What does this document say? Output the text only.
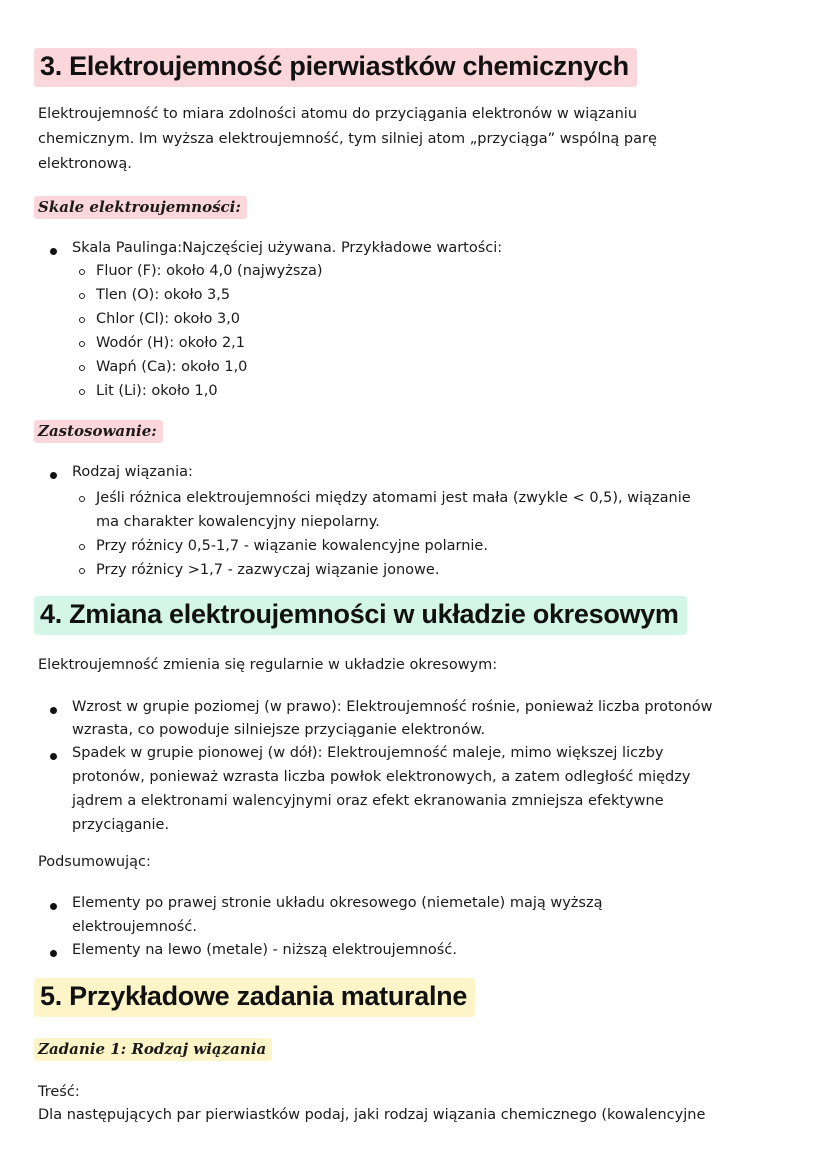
3. Elektroujemność pierwiastków chemicznych
Elektroujemność to miara zdolności atomu do przyciągania elektronów w wiązaniu
chemicznym. Im wyższa elektroujemność, tym silniej atom „przyciąga” wspólną parę
elektronową.
Skale elektroujemności:
Skala Paulinga:Najczęściej używana. Przykładowe wartości:
Fluor (F): około 4,0 (najwyższa)
Tlen (O): około 3,5
Chlor (Cl): około 3,0
Wodór (H): około 2,1
Wapń (Ca): około 1,0
Lit (Li): około 1,0
Zastosowanie:
Rodzaj wiązania:
Jeśli różnica elektroujemności między atomami jest mała (zwykle < 0,5), wiązanie
ma charakter kowalencyjny niepolarny.
Przy różnicy 0,5-1,7 - wiązanie kowalencyjne polarnie.
Przy różnicy >1,7 - zazwyczaj wiązanie jonowe.
4. Zmiana elektroujemności w układzie okresowym
Elektroujemność zmienia się regularnie w układzie okresowym:
Wzrost w grupie poziomej (w prawo): Elektroujemność rośnie, ponieważ liczba protonów
wzrasta, co powoduje silniejsze przyciąganie elektronów.
Spadek w grupie pionowej (w dół): Elektroujemność maleje, mimo większej liczby
protonów, ponieważ wzrasta liczba powłok elektronowych, a zatem odległość między
jądrem a elektronami walencyjnymi oraz efekt ekranowania zmniejsza efektywne
przyciąganie.
Podsumowując:
Elementy po prawej stronie układu okresowego (niemetale) mają wyższą
elektroujemność.
Elementy na lewo (metale) - niższą elektroujemność.
5. Przykładowe zadania maturalne
Zadanie 1: Rodzaj wiązania
Treść:
Dla następujących par pierwiastków podaj, jaki rodzaj wiązania chemicznego (kowalencyjne
